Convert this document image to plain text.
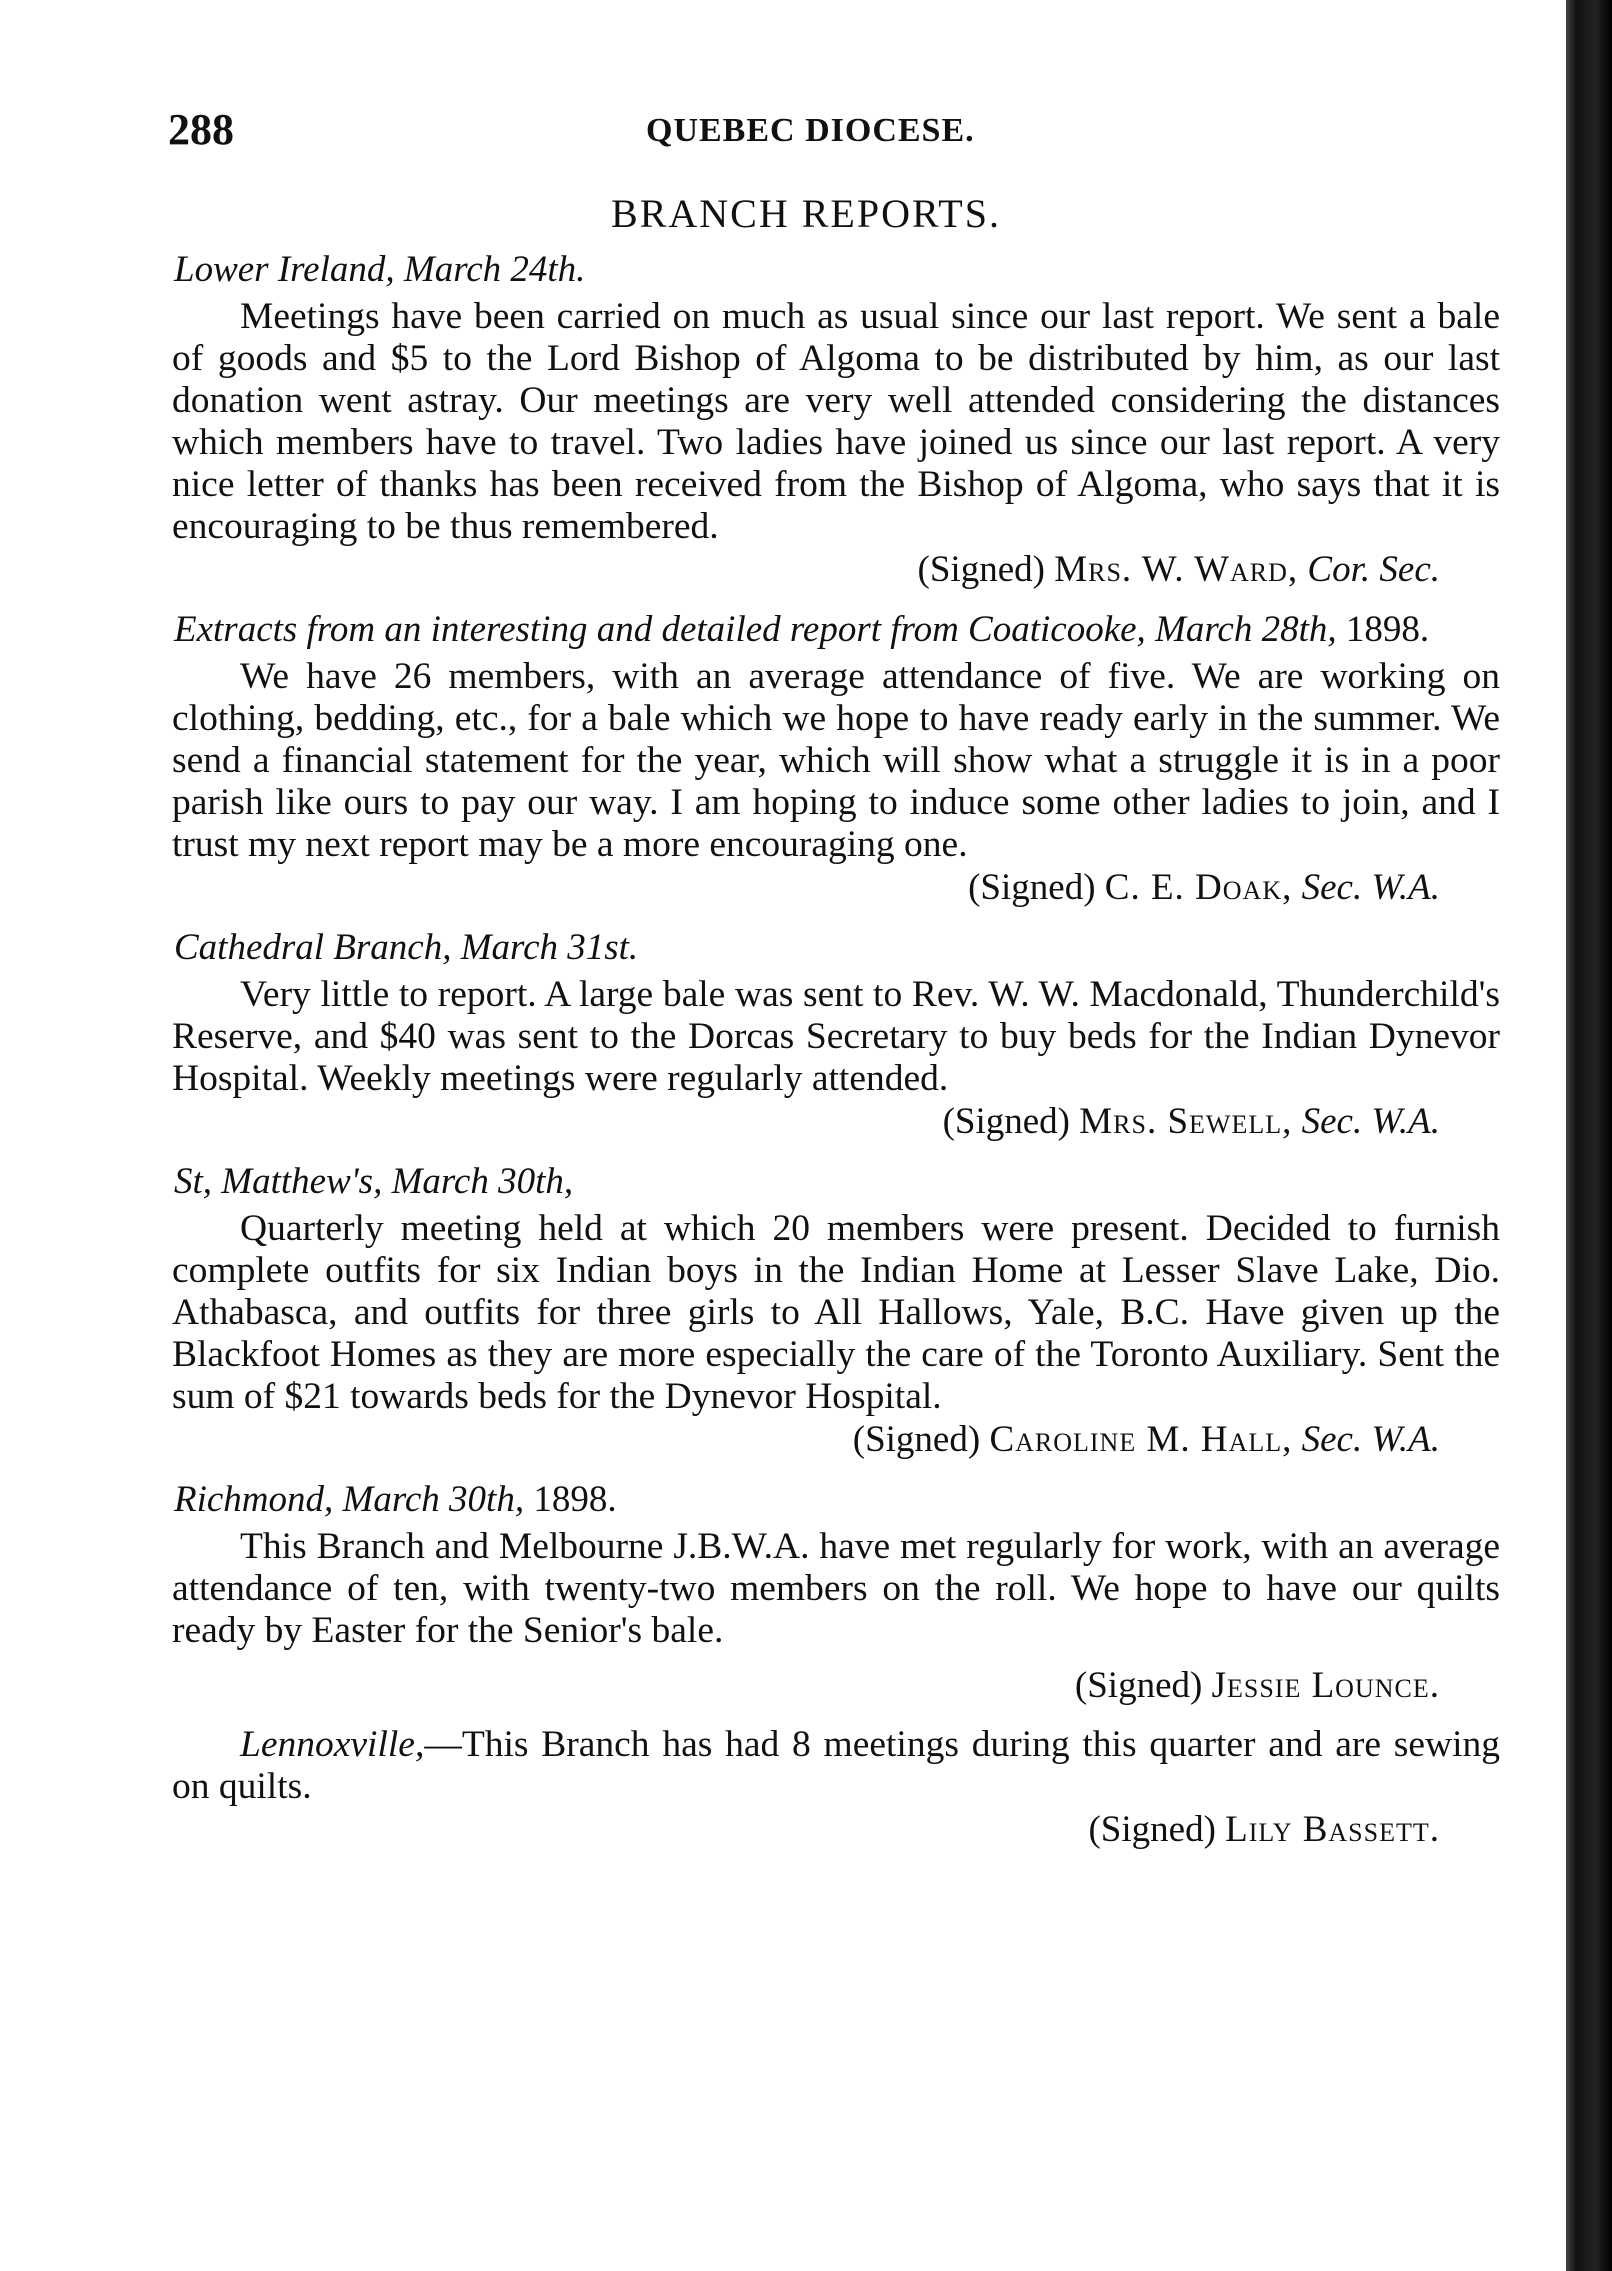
288	QUEBEC DIOCESE.
BRANCH REPORTS.
Lower Ireland, March 24th.
Meetings have been carried on much as usual since our last report. We sent a bale of goods and $5 to the Lord Bishop of Algoma to be distributed by him, as our last donation went astray. Our meetings are very well attended considering the distances which members have to travel. Two ladies have joined us since our last report. A very nice letter of thanks has been received from the Bishop of Algoma, who says that it is encouraging to be thus remembered.
(Signed) Mrs. W. Ward, Cor. Sec.
Extracts from an interesting and detailed report from Coaticooke, March 28th, 1898.
We have 26 members, with an average attendance of five. We are working on clothing, bedding, etc., for a bale which we hope to have ready early in the summer. We send a financial statement for the year, which will show what a struggle it is in a poor parish like ours to pay our way. I am hoping to induce some other ladies to join, and I trust my next report may be a more encouraging one.
(Signed) C. E. Doak, Sec. W.A.
Cathedral Branch, March 31st.
Very little to report. A large bale was sent to Rev. W. W. Macdonald, Thunderchild's Reserve, and $40 was sent to the Dorcas Secretary to buy beds for the Indian Dynevor Hospital. Weekly meetings were regularly attended.
(Signed) Mrs. Sewell, Sec. W.A.
St, Matthew's, March 30th,
Quarterly meeting held at which 20 members were present. Decided to furnish complete outfits for six Indian boys in the Indian Home at Lesser Slave Lake, Dio. Athabasca, and outfits for three girls to All Hallows, Yale, B.C. Have given up the Blackfoot Homes as they are more especially the care of the Toronto Auxiliary. Sent the sum of $21 towards beds for the Dynevor Hospital.
(Signed) Caroline M. Hall, Sec. W.A.
Richmond, March 30th, 1898.
This Branch and Melbourne J.B.W.A. have met regularly for work, with an average attendance of ten, with twenty-two members on the roll. We hope to have our quilts ready by Easter for the Senior's bale.
(Signed) Jessie Lounce.
Lennoxville,—This Branch has had 8 meetings during this quarter and are sewing on quilts.
(Signed) Lily Bassett.
